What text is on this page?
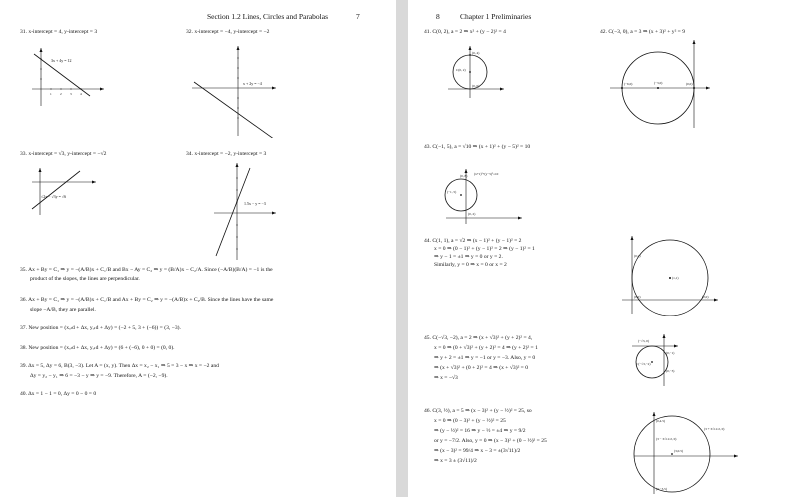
Section 1.2 Lines, Circles and Parabolas	7
31. x-intercept = 4, y-intercept = 3	32. x-intercept = −4, y-intercept = −2
1 2 3 4
3x + 4y = 12
x + 2y = −4
33. x-intercept = √3, y-intercept = −√2	34. x-intercept = −2, y-intercept = 3
√2x − √3y = √6
1.5x − y = −3
35. Ax + By = C₁ ⇒ y = −(A/B)x + C₁/B and Bx − Ay = C₂ ⇒ y = (B/A)x − C₂/A. Since (−A/B)(B/A) = −1 is the
product of the slopes, the lines are perpendicular.
36. Ax + By = C₁ ⇒ y = −(A/B)x + C₁/B and Ax + By = C₂ ⇒ y = −(A/B)x + C₂/B. Since the lines have the same
slope −A/B, they are parallel.
37. New position = (xₒₗd + Δx, yₒₗd + Δy) = (−2 + 5, 3 + (−6)) = (3, −3).
38. New position = (xₒₗd + Δx, yₒₗd + Δy) = (6 + (−6), 0 + 0) = (0, 0).
39. Δx = 5, Δy = 6, B(3, −3). Let A = (x, y). Then Δx = x₂ − x₁ ⇒ 5 = 3 − x ⇒ x = −2 and
Δy = y₂ − y₁ ⇒ 6 = −3 − y ⇒ y = −9. Therefore, A = (−2, −9).
40. Δx = 1 − 1 = 0, Δy = 0 − 0 = 0
8	Chapter 1 Preliminaries
41. C(0, 2), a = 2 ⇒ x² + (y − 2)² = 4	42. C(−3, 0), a = 3 ⇒ (x + 3)² + y² = 9
(0, 4)
C(0, 2)
(0, 0)	(−6,0)	(−3,0)	(0,0)
43. C(−1, 5), a = √10 ⇒ (x + 1)² + (y − 5)² = 10
(0, 8) (x+1)²+(y−5)²=10
(−1, 5)
(0, 2)
44. C(1, 1), a = √2 ⇒ (x − 1)² + (y − 1)² = 2
x = 0 ⇒ (0 − 1)² + (y − 1)² = 2 ⇒ (y − 1)² = 1
⇒ y − 1 = ±1 ⇒ y = 0 or y = 2.
Similarly, y = 0 ⇒ x = 0 or x = 2
(0,2)
(1,1)
(0,0)	(2,0)
45. C(−√3, −2), a = 2 ⇒ (x + √3)² + (y + 2)² = 4,
x = 0 ⇒ (0 + √3)² + (y + 2)² = 4 ⇒ (y + 2)² = 1
⇒ y + 2 = ±1 ⇒ y = −1 or y = −3. Also, y = 0
⇒ (x + √3)² + (0 + 2)² = 4 ⇒ (x + √3)² = 0
⇒ x = −√3
(−√3, 0)
(0,−1)
C(−√3,−2)
(0,−3)
46. C(3, ½), a = 5 ⇒ (x − 3)² + (y − ½)² = 25, so
x = 0 ⇒ (0 − 3)² + (y − ½)² = 25
⇒ (y − ½)² = 16 ⇒ y − ½ = ±4 ⇒ y = 9/2
or y = −7/2. Also, y = 0 ⇒ (x − 3)² + (0 − ½)² = 25
⇒ (x − 3)² = 99/4 ⇒ x − 3 = ±(3√11)/2
⇒ x = 3 ± (3√11)/2
(0,4.5)
(3 − 3√11/2, 0)
(3 + 3√11/2, 0)
(3,0.5)
(0,−3.5)
